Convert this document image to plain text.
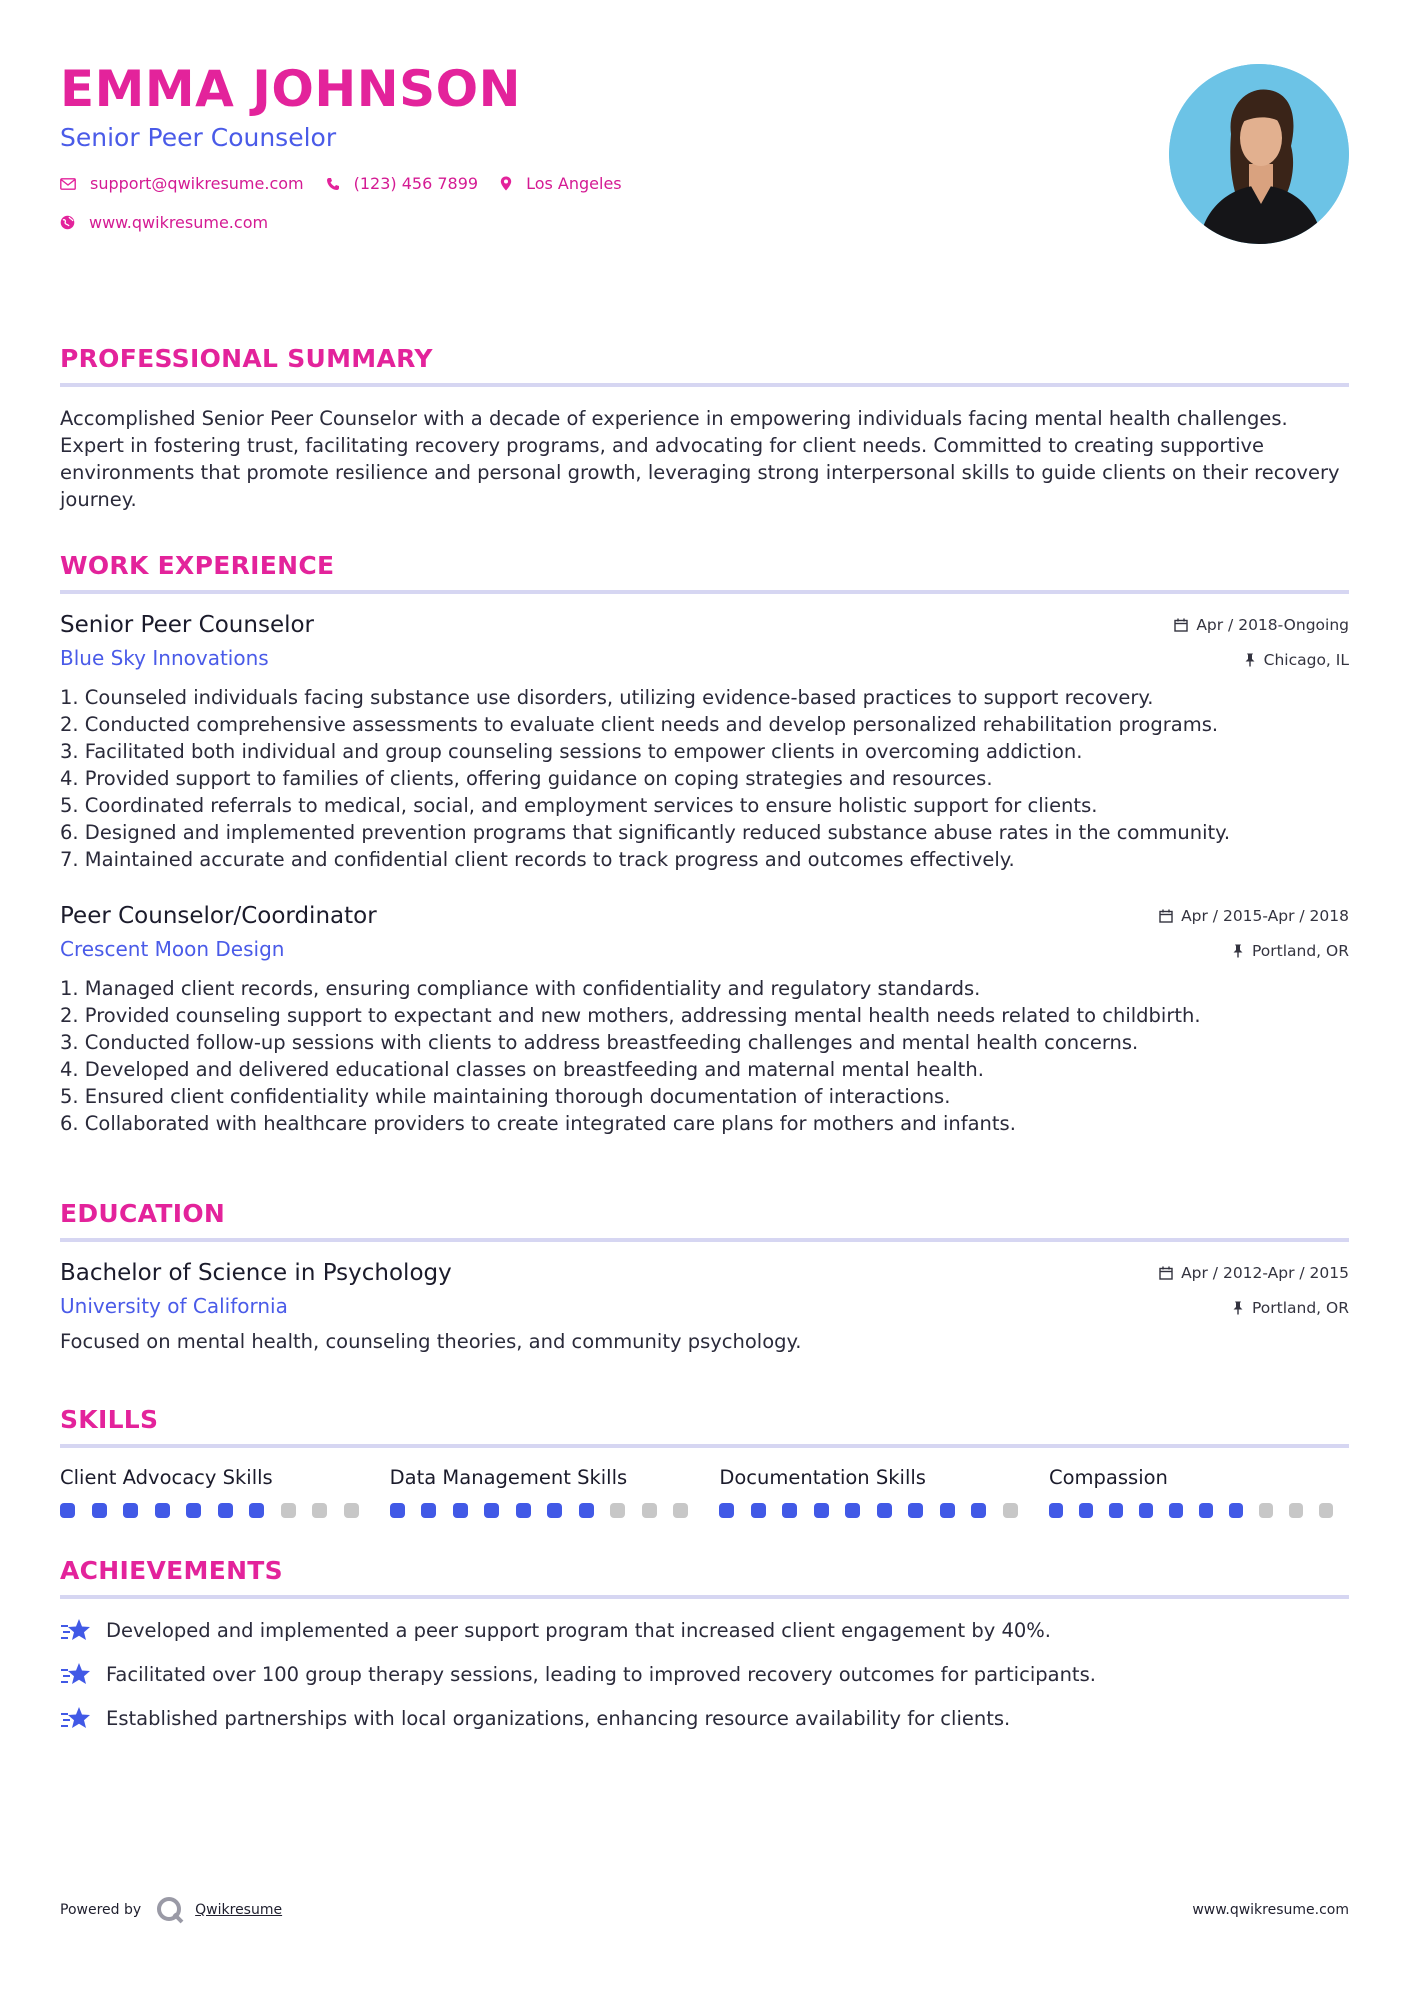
EMMA JOHNSON
Senior Peer Counselor
support@qwikresume.com	(123) 456 7899	Los Angeles
www.qwikresume.com
PROFESSIONAL SUMMARY
Accomplished Senior Peer Counselor with a decade of experience in empowering individuals facing mental health challenges. Expert in fostering trust, facilitating recovery programs, and advocating for client needs. Committed to creating supportive environments that promote resilience and personal growth, leveraging strong interpersonal skills to guide clients on their recovery journey.
WORK EXPERIENCE
Senior Peer Counselor	Apr / 2018-Ongoing
Blue Sky Innovations	Chicago, IL
1. Counseled individuals facing substance use disorders, utilizing evidence-based practices to support recovery.
2. Conducted comprehensive assessments to evaluate client needs and develop personalized rehabilitation programs.
3. Facilitated both individual and group counseling sessions to empower clients in overcoming addiction.
4. Provided support to families of clients, offering guidance on coping strategies and resources.
5. Coordinated referrals to medical, social, and employment services to ensure holistic support for clients.
6. Designed and implemented prevention programs that significantly reduced substance abuse rates in the community.
7. Maintained accurate and confidential client records to track progress and outcomes effectively.
Peer Counselor/Coordinator	Apr / 2015-Apr / 2018
Crescent Moon Design	Portland, OR
1. Managed client records, ensuring compliance with confidentiality and regulatory standards.
2. Provided counseling support to expectant and new mothers, addressing mental health needs related to childbirth.
3. Conducted follow-up sessions with clients to address breastfeeding challenges and mental health concerns.
4. Developed and delivered educational classes on breastfeeding and maternal mental health.
5. Ensured client confidentiality while maintaining thorough documentation of interactions.
6. Collaborated with healthcare providers to create integrated care plans for mothers and infants.
EDUCATION
Bachelor of Science in Psychology	Apr / 2012-Apr / 2015
University of California	Portland, OR
Focused on mental health, counseling theories, and community psychology.
SKILLS
Client Advocacy Skills	Data Management Skills	Documentation Skills	Compassion
ACHIEVEMENTS
Developed and implemented a peer support program that increased client engagement by 40%.
Facilitated over 100 group therapy sessions, leading to improved recovery outcomes for participants.
Established partnerships with local organizations, enhancing resource availability for clients.
Powered by	Qwikresume	www.qwikresume.com
